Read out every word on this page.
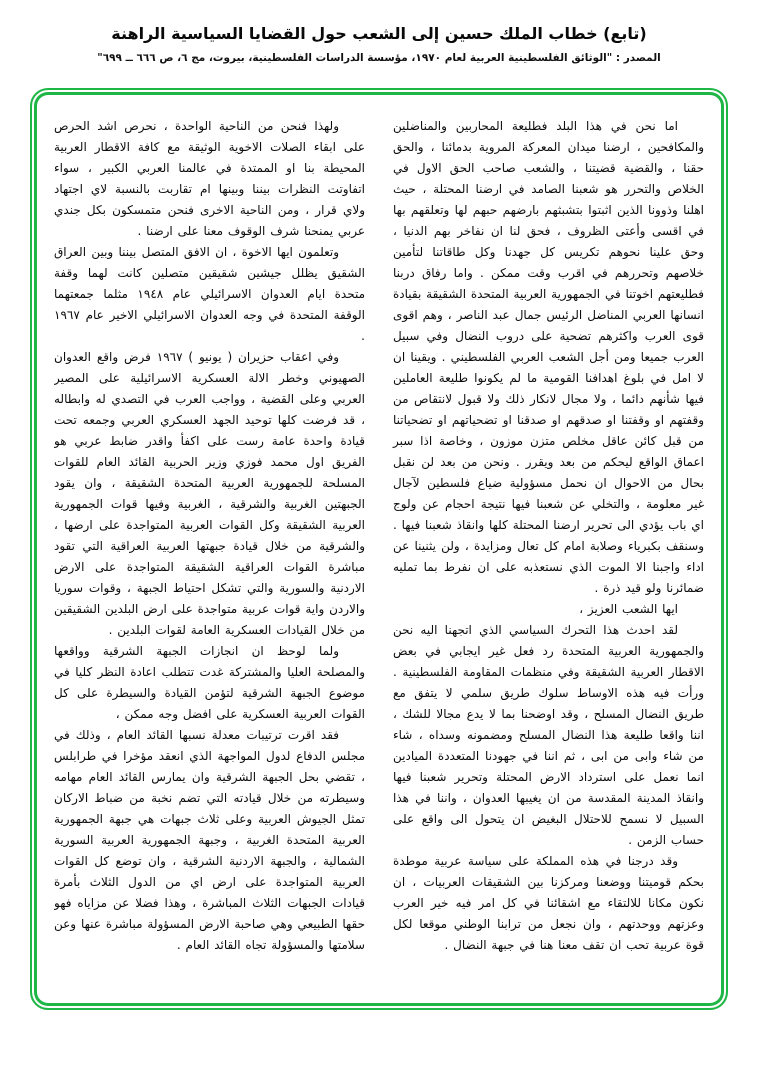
(تابع) خطاب الملك حسين إلى الشعب حول القضايا السياسية الراهنة
المصدر : "الوثائق الفلسطينية العربية لعام ١٩٧٠، مؤسسة الدراسات الفلسطينية، بيروت، مج ٦، ص ٦٦٦ ــ ٦٩٩"

اما نحن في هذا البلد فطليعة المحاربين والمناضلين والمكافحين ، ارضنا ميدان المعركة المروية بدمائنا ، والحق حقنا ، والقضية قضيتنا ، والشعب صاحب الحق الاول في الخلاص والتحرر هو شعبنا الصامد في ارضنا المحتلة ، حيث اهلنا وذوونا الذين اثبتوا بتشبثهم بارضهم حبهم لها وتعلقهم بها في اقسى وأعتى الظروف ، فحق لنا ان نفاخر بهم الدنيا ، وحق علينا نحوهم تكريس كل جهدنا وكل طاقاتنا لتأمين خلاصهم وتحررهم في اقرب وقت ممكن . واما رفاق دربنا فطليعتهم اخوتنا في الجمهورية العربية المتحدة الشقيقة بقيادة انسانها العربي المناضل الرئيس جمال عبد الناصر ، وهم اقوى قوى العرب واكثرهم تضحية على دروب النضال وفي سبيل العرب جميعا ومن أجل الشعب العربي الفلسطيني . ويقينا ان لا امل في بلوغ اهدافنا القومية ما لم يكونوا طليعة العاملين فيها شأنهم دائما ، ولا مجال لانكار ذلك ولا قبول لانتقاص من وقفتهم او وقفتنا او صدقهم او صدقنا او تضحياتهم او تضحياتنا من قبل كائن عاقل مخلص متزن موزون ، وخاصة اذا سبر اعماق الواقع ليحكم من بعد ويقرر . ونحن من بعد لن نقبل بحال من الاحوال ان نحمل مسؤولية ضياع فلسطين لآجال غير معلومة ، والتخلي عن شعبنا فيها نتيجة احجام عن ولوج اي باب يؤدي الى تحرير ارضنا المحتلة كلها وانقاذ شعبنا فيها . وسنقف بكبرياء وصلابة امام كل تعال ومزايدة ، ولن يثنينا عن اداء واجبنا الا الموت الذي نستعذبه على ان نفرط بما تمليه ضمائرنا ولو قيد ذرة .

ايها الشعب العزيز ،

لقد احدث هذا التحرك السياسي الذي اتجهنا اليه نحن والجمهورية العربية المتحدة رد فعل غير ايجابي في بعض الاقطار العربية الشقيقة وفي منظمات المقاومة الفلسطينية . ورأت فيه هذه الاوساط سلوك طريق سلمي لا يتفق مع طريق النضال المسلح ، وقد اوضحنا بما لا يدع مجالا للشك ، اننا واقعا طليعة هذا النضال المسلح ومضمونه وسداه ، شاء من شاء وابى من ابى ، ثم اننا في جهودنا المتعددة الميادين انما نعمل على استرداد الارض المحتلة وتحرير شعبنا فيها وانقاذ المدينة المقدسة من ان يغيبها العدوان ، واننا في هذا السبيل لا نسمح للاحتلال البغيض ان يتحول الى واقع على حساب الزمن .

وقد درجنا في هذه المملكة على سياسة عربية موطدة بحكم قوميتنا ووضعنا ومركزنا بين الشقيقات العربيات ، ان نكون مكانا للالتقاء مع اشقائنا في كل امر فيه خير العرب وعزتهم ووحدتهم ، وان نجعل من ترابنا الوطني موقعا لكل قوة عربية تحب ان تقف معنا هنا في جبهة النضال .

ولهذا فنحن من الناحية الواحدة ، نحرص اشد الحرص على ابقاء الصلات الاخوية الوثيقة مع كافة الاقطار العربية المحيطة بنا او الممتدة في عالمنا العربي الكبير ، سواء اتفاوتت النظرات بيننا وبينها ام تقاربت بالنسبة لاي اجتهاد ولاي قرار ، ومن الناحية الاخرى فنحن متمسكون بكل جندي عربي يمنحنا شرف الوقوف معنا على ارضنا .

وتعلمون ايها الاخوة ، ان الافق المتصل بيننا وبين العراق الشقيق يظلل جيشين شقيقين متصلين كانت لهما وقفة متحدة ايام العدوان الاسرائيلي عام ١٩٤٨ مثلما جمعتهما الوقفة المتحدة في وجه العدوان الاسرائيلي الاخير عام ١٩٦٧ .

وفي اعقاب حزيران ( يونيو ) ١٩٦٧ فرض واقع العدوان الصهيوني وخطر الالة العسكرية الاسرائيلية على المصير العربي وعلى القضية ، وواجب العرب في التصدي له وابطاله ، قد فرضت كلها توحيد الجهد العسكري العربي وجمعه تحت قيادة واحدة عامة رست على اكفأ واقدر ضابط عربي هو الفريق اول محمد فوزي وزير الحربية القائد العام للقوات المسلحة للجمهورية العربية المتحدة الشقيقة ، وان يقود الجبهتين الغربية والشرقية ، الغربية وفيها قوات الجمهورية العربية الشقيقة وكل القوات العربية المتواجدة على ارضها ، والشرقية من خلال قيادة جبهتها العربية العراقية التي تقود مباشرة القوات العراقية الشقيقة المتواجدة على الارض الاردنية والسورية والتي تشكل احتياط الجبهة ، وقوات سوريا والاردن واية قوات عربية متواجدة على ارض البلدين الشقيقين من خلال القيادات العسكرية العامة لقوات البلدين .

ولما لوحظ ان انجازات الجبهة الشرقية وواقعها والمصلحة العليا والمشتركة غدت تتطلب اعادة النظر كليا في موضوع الجبهة الشرقية لتؤمن القيادة والسيطرة على كل القوات العربية العسكرية على افضل وجه ممكن ،

فقد اقرت ترتيبات معدلة نسبها القائد العام ، وذلك في مجلس الدفاع لدول المواجهة الذي انعقد مؤخرا في طرابلس ، تقضي بحل الجبهة الشرقية وان يمارس القائد العام مهامه وسيطرته من خلال قيادته التي تضم نخبة من ضباط الاركان تمثل الجيوش العربية وعلى ثلاث جبهات هي جبهة الجمهورية العربية المتحدة الغربية ، وجبهة الجمهورية العربية السورية الشمالية ، والجبهة الاردنية الشرقية ، وان توضع كل القوات العربية المتواجدة على ارض اي من الدول الثلاث بأمرة قيادات الجبهات الثلاث المباشرة ، وهذا فضلا عن مزاياه فهو حقها الطبيعي وهي صاحبة الارض المسؤولة مباشرة عنها وعن سلامتها والمسؤولة تجاه القائد العام .
